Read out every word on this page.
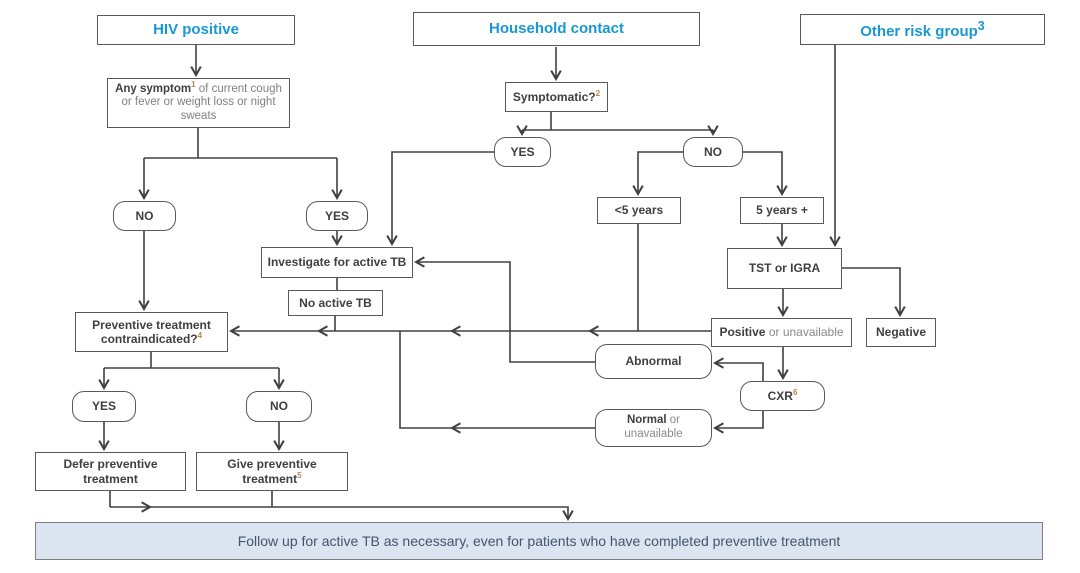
HIV positive	Household contact	Other risk group$^3$
Any symptom$^1$ of current cough or fever or weight loss or night sweats
NO	YES
Symptomatic?$^2$
YES	NO
<5 years	5 years +
TST or IGRA
Investigate for active TB
No active TB
Preventive treatment
contraindicated?$^4$	Positive or unavailable	Negative
Abnormal
CXR$^6$
Normal or unavailable
YES	NO
Defer preventive treatment
Give preventive treatment$^5$
Follow up for active TB as necessary, even for patients who have completed preventive treatment
